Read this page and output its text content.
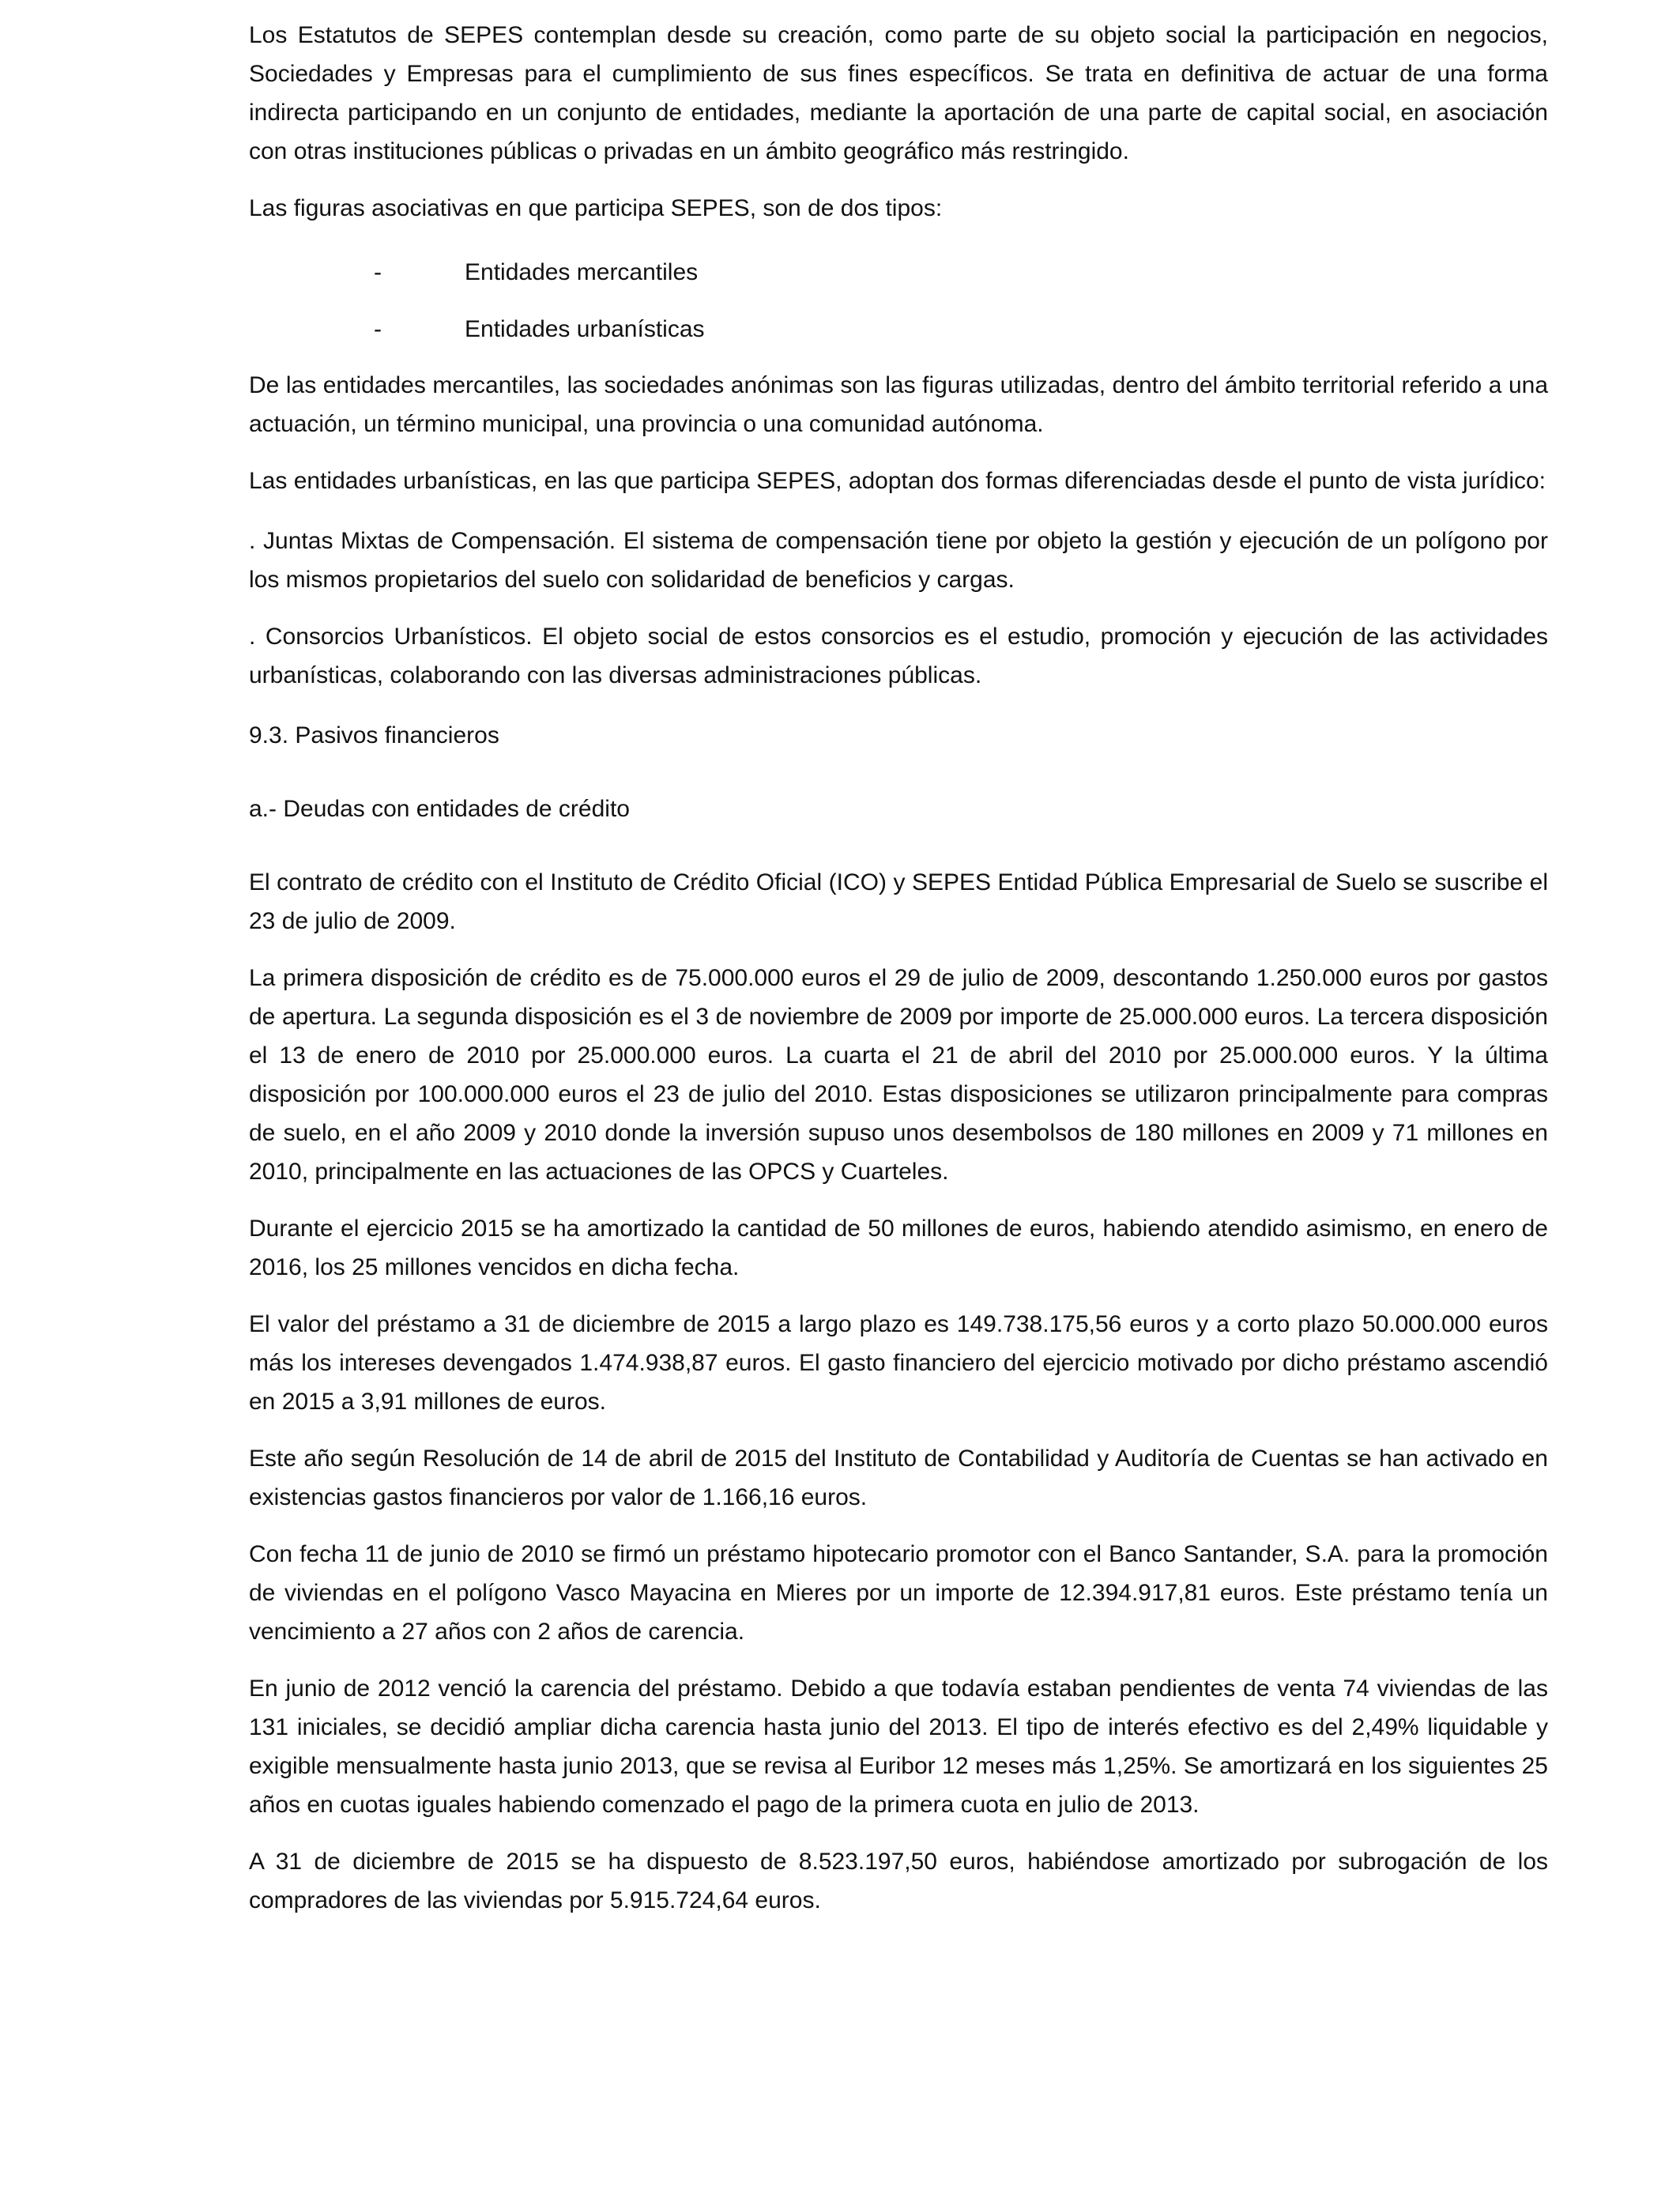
Los Estatutos de SEPES contemplan desde su creación, como parte de su objeto social la participación en negocios, Sociedades y Empresas para el cumplimiento de sus fines específicos. Se trata en definitiva de actuar de una forma indirecta participando en un conjunto de entidades, mediante la aportación de una parte de capital social, en asociación con otras instituciones públicas o privadas en un ámbito geográfico más restringido.

Las figuras asociativas en que participa SEPES, son de dos tipos:

-	Entidades mercantiles
-	Entidades urbanísticas

De las entidades mercantiles, las sociedades anónimas son las figuras utilizadas, dentro del ámbito territorial referido a una actuación, un término municipal, una provincia o una comunidad autónoma.

Las entidades urbanísticas, en las que participa SEPES, adoptan dos formas diferenciadas desde el punto de vista jurídico:

. Juntas Mixtas de Compensación. El sistema de compensación tiene por objeto la gestión y ejecución de un polígono por los mismos propietarios del suelo con solidaridad de beneficios y cargas.

. Consorcios Urbanísticos. El objeto social de estos consorcios es el estudio, promoción y ejecución de las actividades urbanísticas, colaborando con las diversas administraciones públicas.

9.3. Pasivos financieros

a.- Deudas con entidades de crédito

El contrato de crédito con el Instituto de Crédito Oficial (ICO) y SEPES Entidad Pública Empresarial de Suelo se suscribe el 23 de julio de 2009.

La primera disposición de crédito es de 75.000.000 euros el 29 de julio de 2009, descontando 1.250.000 euros por gastos de apertura. La segunda disposición es el 3 de noviembre de 2009 por importe de 25.000.000 euros. La tercera disposición el 13 de enero de 2010 por 25.000.000 euros. La cuarta el 21 de abril del 2010 por 25.000.000 euros. Y la última disposición por 100.000.000 euros el 23 de julio del 2010. Estas disposiciones se utilizaron principalmente para compras de suelo, en el año 2009 y 2010 donde la inversión supuso unos desembolsos de 180 millones en 2009 y 71 millones en 2010, principalmente en las actuaciones de las OPCS y Cuarteles.

Durante el ejercicio 2015 se ha amortizado la cantidad de 50 millones de euros, habiendo atendido asimismo, en enero de 2016, los 25 millones vencidos en dicha fecha.

El valor del préstamo a 31 de diciembre de 2015 a largo plazo es 149.738.175,56 euros y a corto plazo 50.000.000 euros más los intereses devengados 1.474.938,87 euros. El gasto financiero del ejercicio motivado por dicho préstamo ascendió en 2015 a 3,91 millones de euros.

Este año según Resolución de 14 de abril de 2015 del Instituto de Contabilidad y Auditoría de Cuentas se han activado en existencias gastos financieros por valor de 1.166,16 euros.

Con fecha 11 de junio de 2010 se firmó un préstamo hipotecario promotor con el Banco Santander, S.A. para la promoción de viviendas en el polígono Vasco Mayacina en Mieres por un importe de 12.394.917,81 euros. Este préstamo tenía un vencimiento a 27 años con 2 años de carencia.

En junio de 2012 venció la carencia del préstamo. Debido a que todavía estaban pendientes de venta 74 viviendas de las 131 iniciales, se decidió ampliar dicha carencia hasta junio del 2013. El tipo de interés efectivo es del 2,49% liquidable y exigible mensualmente hasta junio 2013, que se revisa al Euribor 12 meses más 1,25%. Se amortizará en los siguientes 25 años en cuotas iguales habiendo comenzado el pago de la primera cuota en julio de 2013.

A 31 de diciembre de 2015 se ha dispuesto de 8.523.197,50 euros, habiéndose amortizado por subrogación de los compradores de las viviendas por 5.915.724,64 euros.
